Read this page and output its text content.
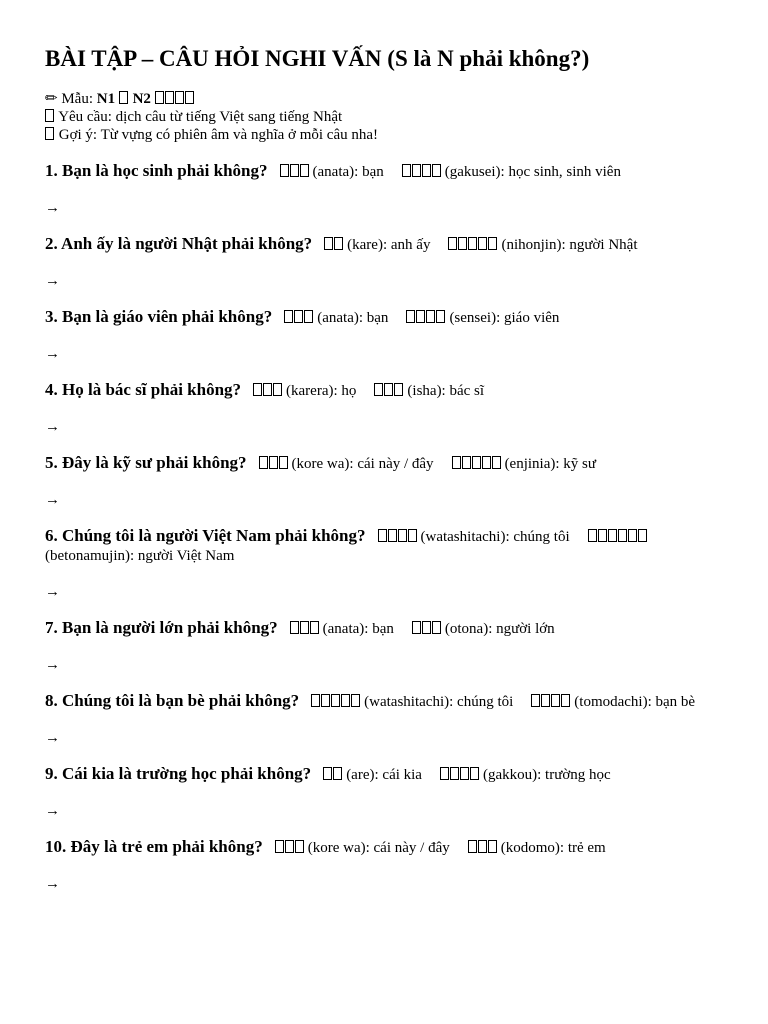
BÀI TẬP – CÂU HỎI NGHI VẤN (S là N phải không?)
✏ Mẫu: N1  N2
Yêu cầu: dịch câu từ tiếng Việt sang tiếng Nhật
Gợi ý: Từ vựng có phiên âm và nghĩa ở mỗi câu nha!
1. Bạn là học sinh phải không?	(anata): bạn	(gakusei): học sinh, sinh viên
→
2. Anh ấy là người Nhật phải không? (kare): anh ấy	(nihonjin): người Nhật
→
3. Bạn là giáo viên phải không?	(anata): bạn	(sensei): giáo viên
→
4. Họ là bác sĩ phải không?	(karera): họ	(isha): bác sĩ
→
5. Đây là kỹ sư phải không?	(kore wa): cái này / đây	(enjinia): kỹ sư
→
6. Chúng tôi là người Việt Nam phải không?	(watashitachi): chúng tôi(betonamujin): người Việt Nam
→
7. Bạn là người lớn phải không?	(anata): bạn	(otona): người lớn
→
8. Chúng tôi là bạn bè phải không?	(watashitachi): chúng tôi	(tomodachi): bạn bè
→
9. Cái kia là trường học phải không? (are): cái kia	(gakkou): trường học
→
10. Đây là trẻ em phải không?	(kore wa): cái này / đây	(kodomo): trẻ em
→
